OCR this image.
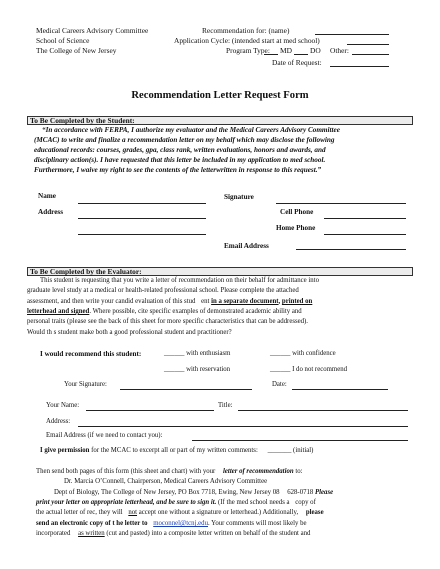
Medical Careers Advisory Committee
School of Science
The College of New Jersey
Recommendation for: (name)
Application Cycle: (intended start at med school)
Program Type: MD DO Other:
Date of Request:
Recommendation Letter Request Form
To Be Completed by the Student:
“In accordance with FERPA, I authorize my evaluator and the Medical Careers Advisory Committee
(MCAC) to write and finalize a recommendation letter on my behalf which may disclose the following
educational records: courses, grades, gpa, class rank, written evaluations, honors and awards, and
disciplinary action(s). I have requested that this letter be included in my application to med school.
Furthermore, I waive my right to see the contents of the letterwritten in response to this request.”
Name	Signature
Address	Cell Phone
Home Phone
Email Address
To Be Completed by the Evaluator:
This student is requesting that you write a letter of recommendation on their behalf for admittance into
graduate level study at a medical or health-related professional school. Please complete the attached
assessment, and then write your candid evaluation of this stud ent in a separate document, printed on
letterhead and signed. Where possible, cite specific examples of demonstrated academic ability and
personal traits (please see the back of this sheet for more specific characteristics that can be addressed).
Would th s student make both a good professional student and practitioner?
I would recommend this student:	______ with enthusiasm	______ with confidence
______ with reservation	______ I do not recommend
Your Signature:	Date:
Your Name:	Title:
Address:
Email Address (if we need to contact you):
I give permission for the MCAC to excerpt all or part of my written comments: _______ (initial)
Then send both pages of this form (this sheet and chart) with your letter of recommendation to:
Dr. Marcia O’Connell, Chairperson, Medical Careers Advisory Committee
Dept of Biology, The College of New Jersey, PO Box 7718, Ewing, New Jersey 08 628-0718 Please
print your letter on appropriate letterhead, and be sure to sign it. (If the med school needs a copy of
the actual letter of rec, they will not accept one without a signature or letterhead.) Additionally, please
send an electronic copy of t he letter to moconnel@tcnj.edu. Your comments will most likely be
incorporated as written (cut and pasted) into a composite letter written on behalf of the student and
